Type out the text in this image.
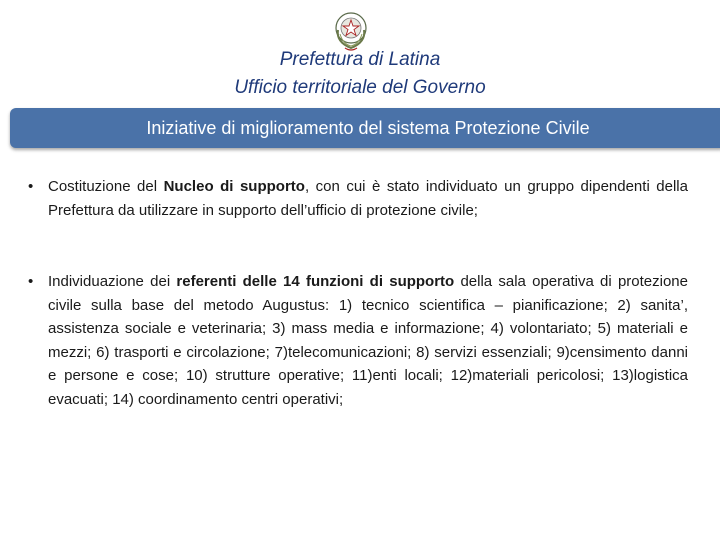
Prefettura di Latina
Ufficio territoriale del Governo
Iniziative di miglioramento del sistema Protezione Civile
• Costituzione del Nucleo di supporto, con cui è stato individuato un gruppo dipendenti della Prefettura da utilizzare in supporto dell’ufficio di protezione civile;
• Individuazione dei referenti delle 14 funzioni di supporto della sala operativa di protezione civile sulla base del metodo Augustus: 1) tecnico scientifica – pianificazione; 2) sanita’, assistenza sociale e veterinaria; 3) mass media e informazione; 4) volontariato; 5) materiali e mezzi; 6) trasporti e circolazione; 7)telecomunicazioni; 8) servizi essenziali; 9)censimento danni e persone e cose; 10) strutture operative; 11)enti locali; 12)materiali pericolosi; 13)logistica evacuati; 14) coordinamento centri operativi;
